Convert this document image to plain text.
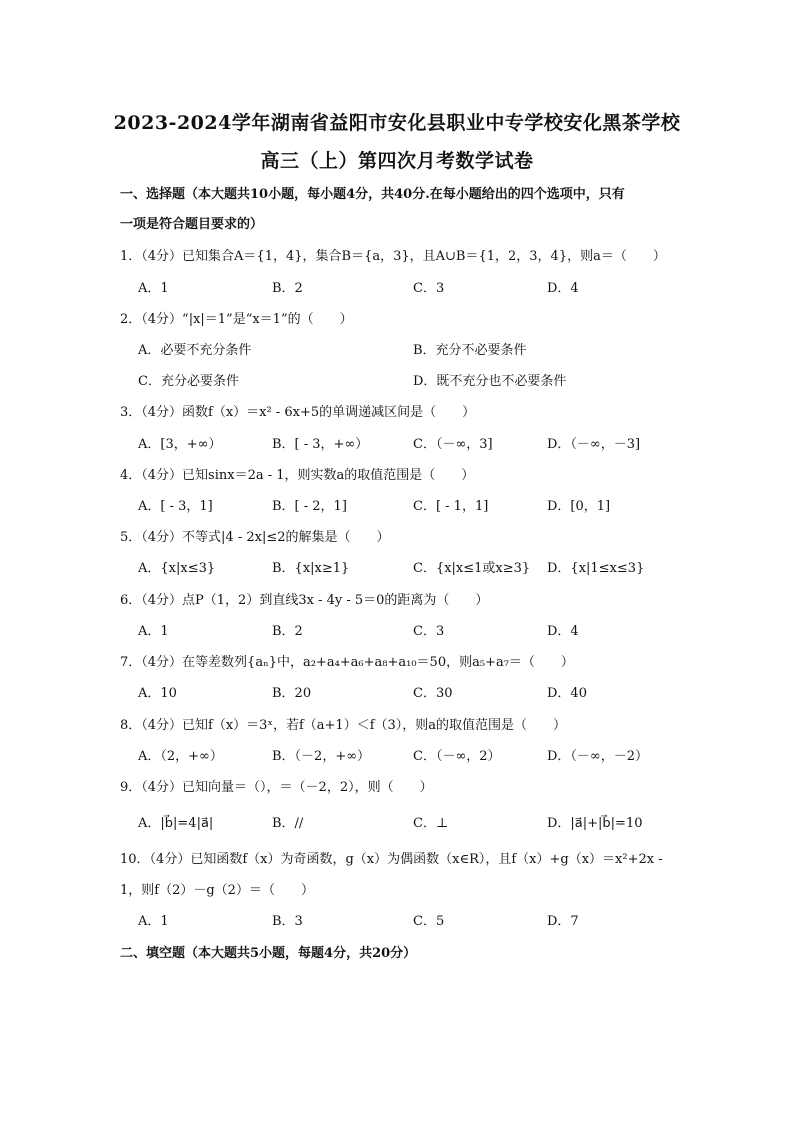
2023-2024学年湖南省益阳市安化县职业中专学校安化黑茶学校
高三（上）第四次月考数学试卷
一、选择题（本大题共10小题，每小题4分，共40分.在每小题给出的四个选项中，只有
一项是符合题目要求的）
1．（4分）已知集合A＝{1，4}，集合B＝{a，3}，且A∪B＝{1，2，3，4}，则a＝（　　）
A．1	B．2	C．3	D．4
2．（4分）“|x|＝1”是“x＝1”的（　　）
A．必要不充分条件	B．充分不必要条件
C．充分必要条件	D．既不充分也不必要条件
3．（4分）函数f（x）＝x² - 6x+5的单调递减区间是（　　）
A．[3，+∞）	B．[ - 3，+∞）	C．（－∞，3]	D．（－∞，－3]
4．（4分）已知sinx＝2a - 1，则实数a的取值范围是（　　）
A．[ - 3，1]	B．[ - 2，1]	C．[ - 1，1]	D．[0，1]
5．（4分）不等式|4 - 2x|≤2的解集是（　　）
A．{x|x≤3}	B．{x|x≥1}	C．{x|x≤1或x≥3} D．{x|1≤x≤3}
6．（4分）点P（1，2）到直线3x - 4y - 5＝0的距离为（　　）
A．1	B．2	C．3	D．4
7．（4分）在等差数列{aₙ}中，a₂+a₄+a₆+a₈+a₁₀＝50，则a₅+a₇＝（　　）
A．10	B．20	C．30	D．40
8．（4分）已知f（x）＝3ˣ，若f（a+1）＜f（3），则a的取值范围是（　　）
A．（2，+∞）	B．（－2，+∞）	C．（－∞，2）	D．（－∞，－2）
9．（4分）已知向量＝（），＝（－2，2），则（　　）
A．|b⃗|=4|a⃗|	B．//	C．⊥	D．|a⃗|+|b⃗|=10
10．（4分）已知函数f（x）为奇函数，g（x）为偶函数（x∈R），且f（x）+g（x）＝x²+2x -
1，则f（2）－g（2）＝（　　）
A．1	B．3	C．5	D．7
二、填空题（本大题共5小题，每题4分，共20分）
